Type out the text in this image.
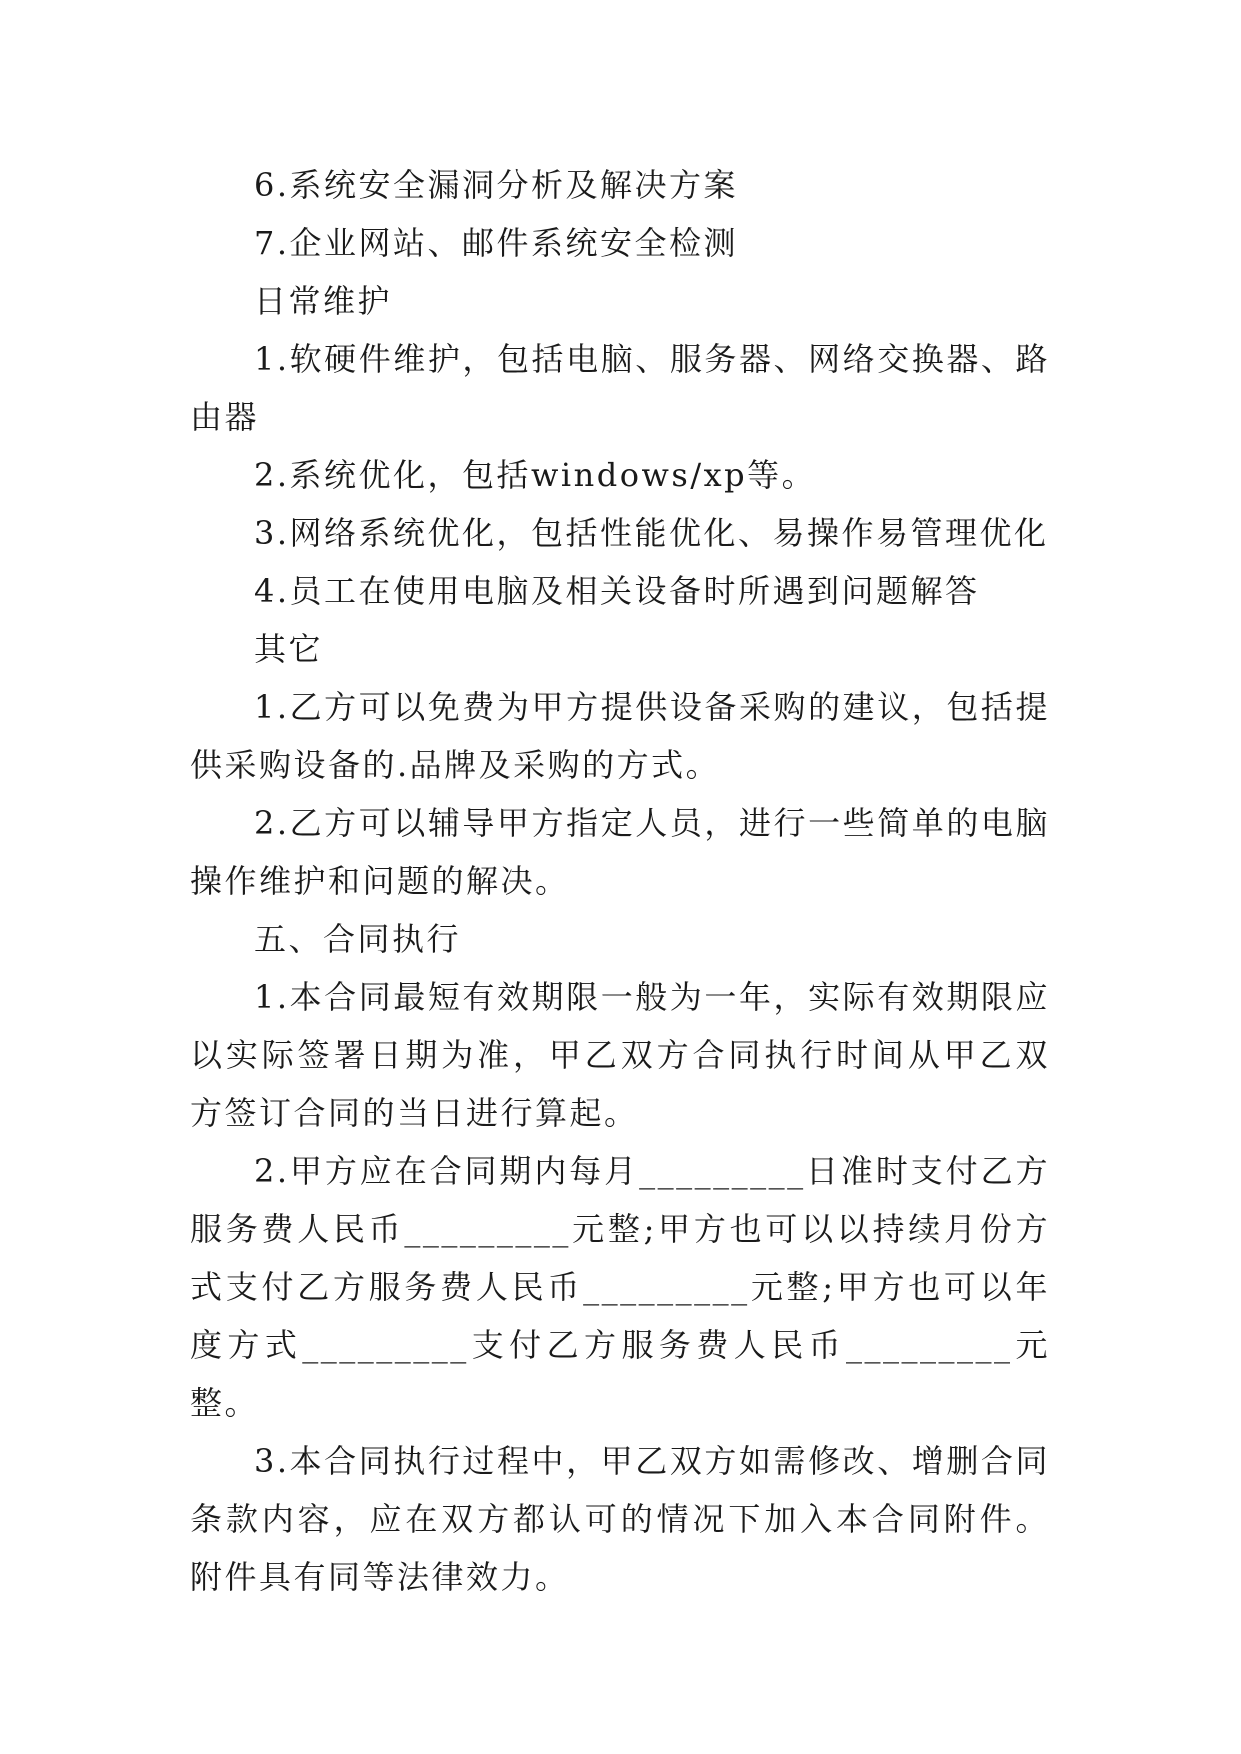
6.系统安全漏洞分析及解决方案

7.企业网站、邮件系统安全检测

日常维护

1.软硬件维护，包括电脑、服务器、网络交换器、路由器

2.系统优化，包括windows/xp等。

3.网络系统优化，包括性能优化、易操作易管理优化

4.员工在使用电脑及相关设备时所遇到问题解答

其它

1.乙方可以免费为甲方提供设备采购的建议，包括提供采购设备的.品牌及采购的方式。

2.乙方可以辅导甲方指定人员，进行一些简单的电脑操作维护和问题的解决。

五、合同执行

1.本合同最短有效期限一般为一年，实际有效期限应以实际签署日期为准，甲乙双方合同执行时间从甲乙双方签订合同的当日进行算起。

2.甲方应在合同期内每月_________日准时支付乙方服务费人民币_________元整;甲方也可以以持续月份方式支付乙方服务费人民币_________元整;甲方也可以年度方式_________支付乙方服务费人民币_________元整。

3.本合同执行过程中，甲乙双方如需修改、增删合同条款内容，应在双方都认可的情况下加入本合同附件。附件具有同等法律效力。
